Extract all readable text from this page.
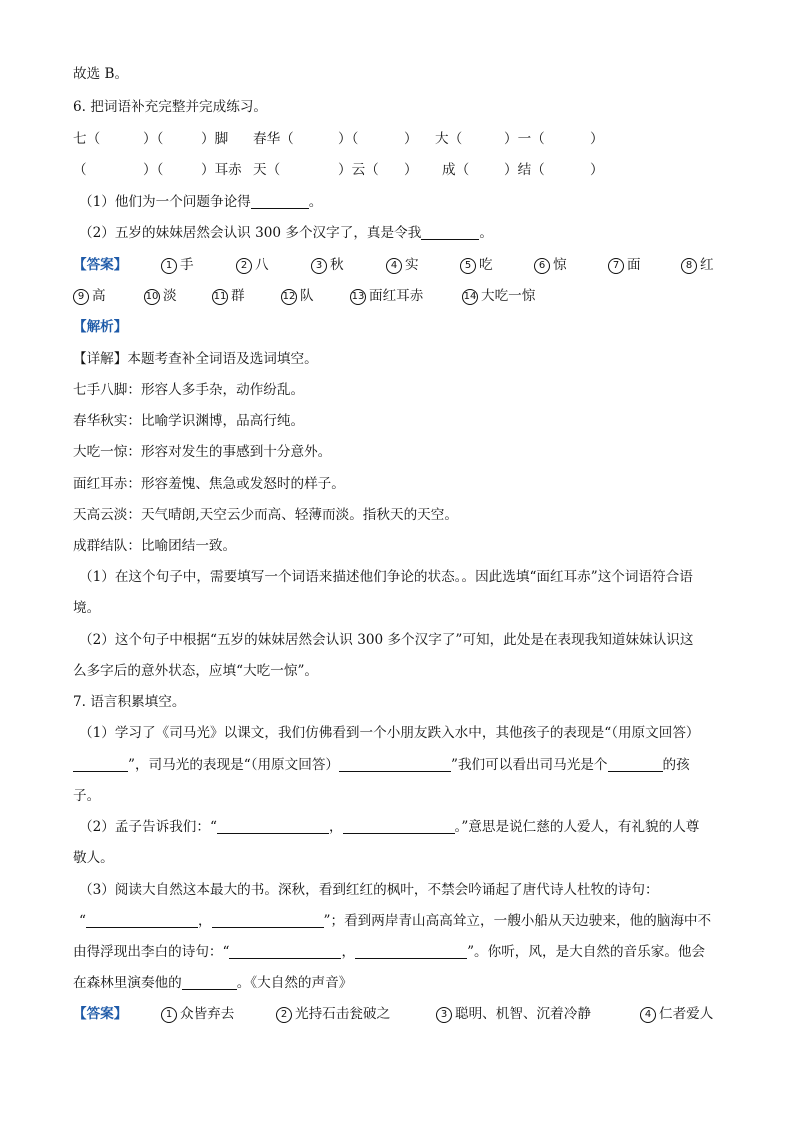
故选 B。
6. 把词语补充完整并完成练习。
七（	）（	）脚 春华（	）（	） 大（	）一（	）
（	）（	）耳赤 天（	）云（ ） 成（	）结（	）
（1）他们为一个问题争论得	。
（2）五岁的妹妹居然会认识 300 多个汉字了，真是令我	。
【答案】	1 手	2 八	3 秋	4 实	5 吃	6 惊	7 面	8 红
9 高	10 淡	11 群	12 队	13 面红耳赤	14 大吃一惊
【解析】
【详解】本题考查补全词语及选词填空。
七手八脚：形容人多手杂，动作纷乱。
春华秋实：比喻学识渊博，品高行纯。
大吃一惊：形容对发生的事感到十分意外。
面红耳赤：形容羞愧、焦急或发怒时的样子。
天高云淡：天气晴朗,天空云少而高、轻薄而淡。指秋天的天空。
成群结队：比喻团结一致。
（1）在这个句子中，需要填写一个词语来描述他们争论的状态。。因此选填“面红耳赤”这个词语符合语
境。
（2）这个句子中根据“五岁的妹妹居然会认识 300 多个汉字了”可知，此处是在表现我知道妹妹认识这
么多字后的意外状态，应填“大吃一惊”。
7. 语言积累填空。
（1）学习了《司马光》以课文，我们仿佛看到一个小朋友跌入水中，其他孩子的表现是“（用原文回答）
”，司马光的表现是“（用原文回答）	”我们可以看出司马光是个	的孩
子。
（2）孟子告诉我们：“	，	。”意思是说仁慈的人爱人，有礼貌的人尊
敬人。
（3）阅读大自然这本最大的书。深秋，看到红红的枫叶，不禁会吟诵起了唐代诗人杜牧的诗句：
“	，	”；看到两岸青山高高耸立，一艘小船从天边驶来，他的脑海中不
由得浮现出李白的诗句：“	，	”。你听，风，是大自然的音乐家。他会
在森林里演奏他的	。《大自然的声音》
【答案】	1 众皆弃去	2 光持石击瓮破之	3 聪明、机智、沉着冷静	4 仁者爱人
